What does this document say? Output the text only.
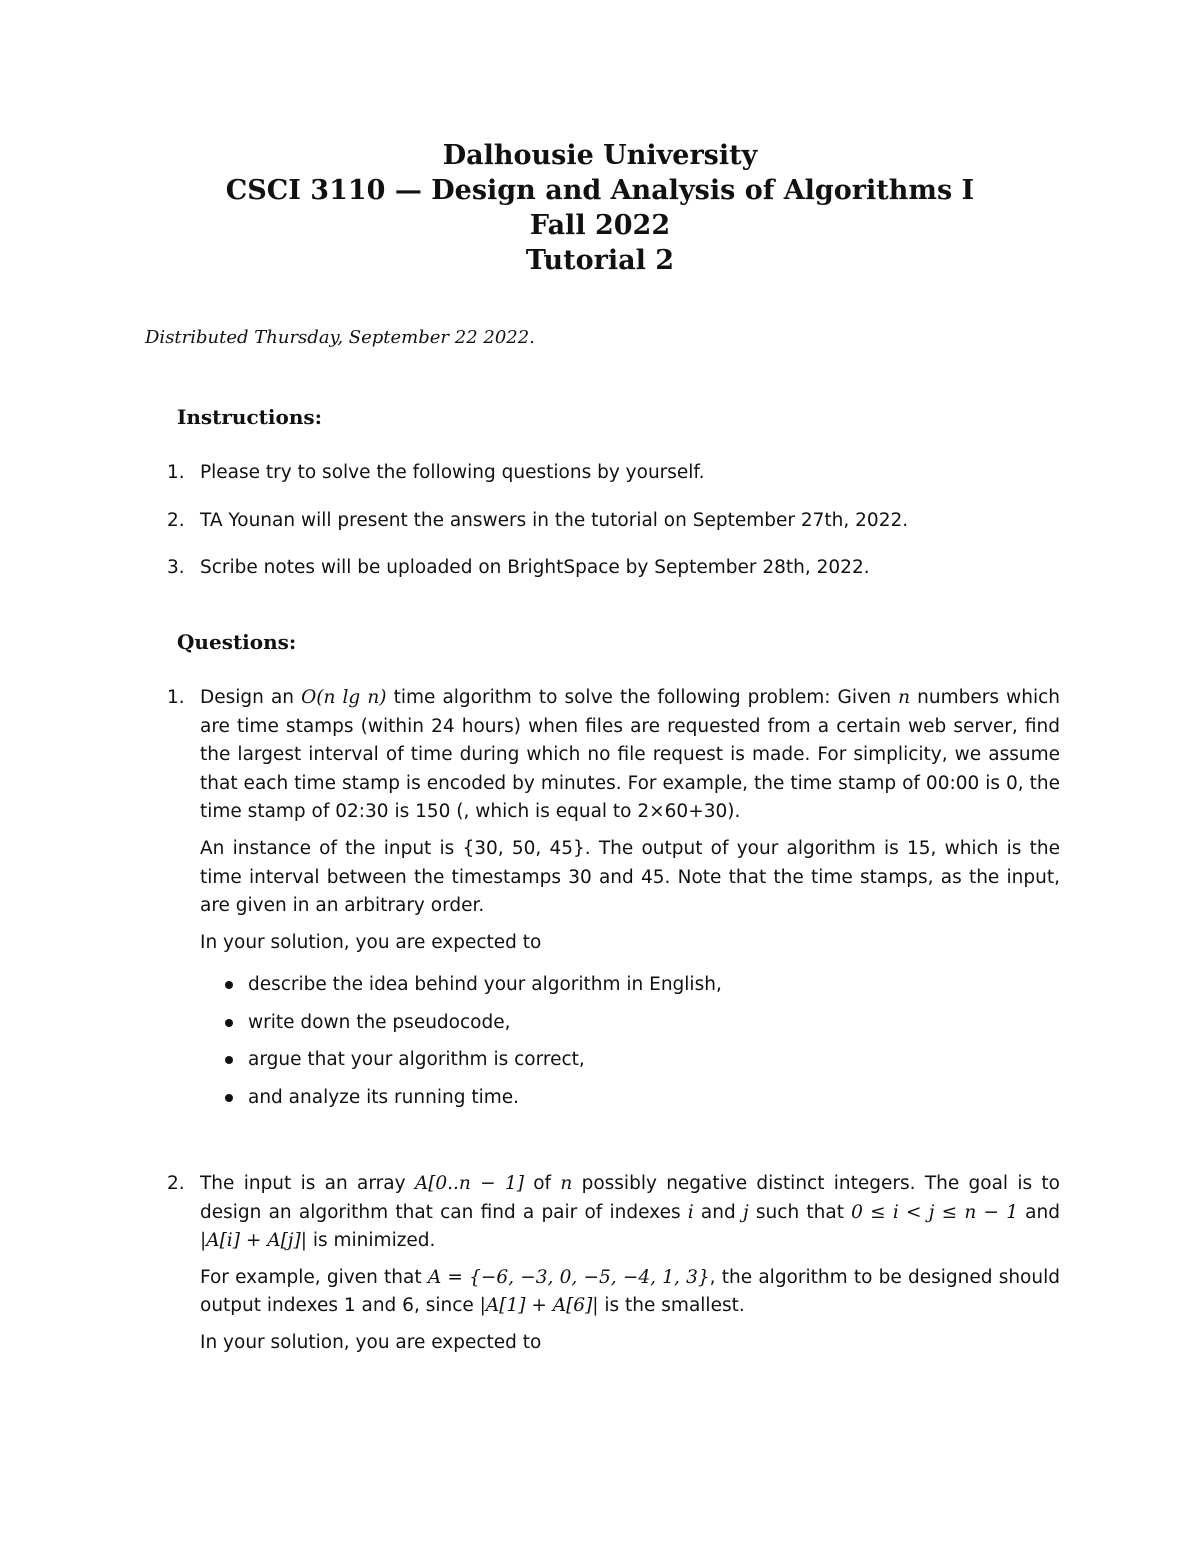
Dalhousie University
CSCI 3110 — Design and Analysis of Algorithms I
Fall 2022
Tutorial 2
Distributed Thursday, September 22 2022.
Instructions:
1. Please try to solve the following questions by yourself.
2. TA Younan will present the answers in the tutorial on September 27th, 2022.
3. Scribe notes will be uploaded on BrightSpace by September 28th, 2022.
Questions:
1. Design an O(n lg n) time algorithm to solve the following problem: Given n numbers which are time stamps (within 24 hours) when files are requested from a certain web server, find the largest interval of time during which no file request is made. For simplicity, we assume that each time stamp is encoded by minutes. For example, the time stamp of 00:00 is 0, the time stamp of 02:30 is 150 (, which is equal to 2×60+30).

An instance of the input is {30, 50, 45}. The output of your algorithm is 15, which is the time interval between the timestamps 30 and 45. Note that the time stamps, as the input, are given in an arbitrary order.

In your solution, you are expected to

describe the idea behind your algorithm in English,
write down the pseudocode,
argue that your algorithm is correct,
and analyze its running time.
2. The input is an array A[0..n − 1] of n possibly negative distinct integers. The goal is to design an algorithm that can find a pair of indexes i and j such that 0 ≤ i < j ≤ n − 1 and |A[i] + A[j]| is minimized.

For example, given that A = {−6, −3, 0, −5, −4, 1, 3}, the algorithm to be designed should output indexes 1 and 6, since |A[1] + A[6]| is the smallest.

In your solution, you are expected to
